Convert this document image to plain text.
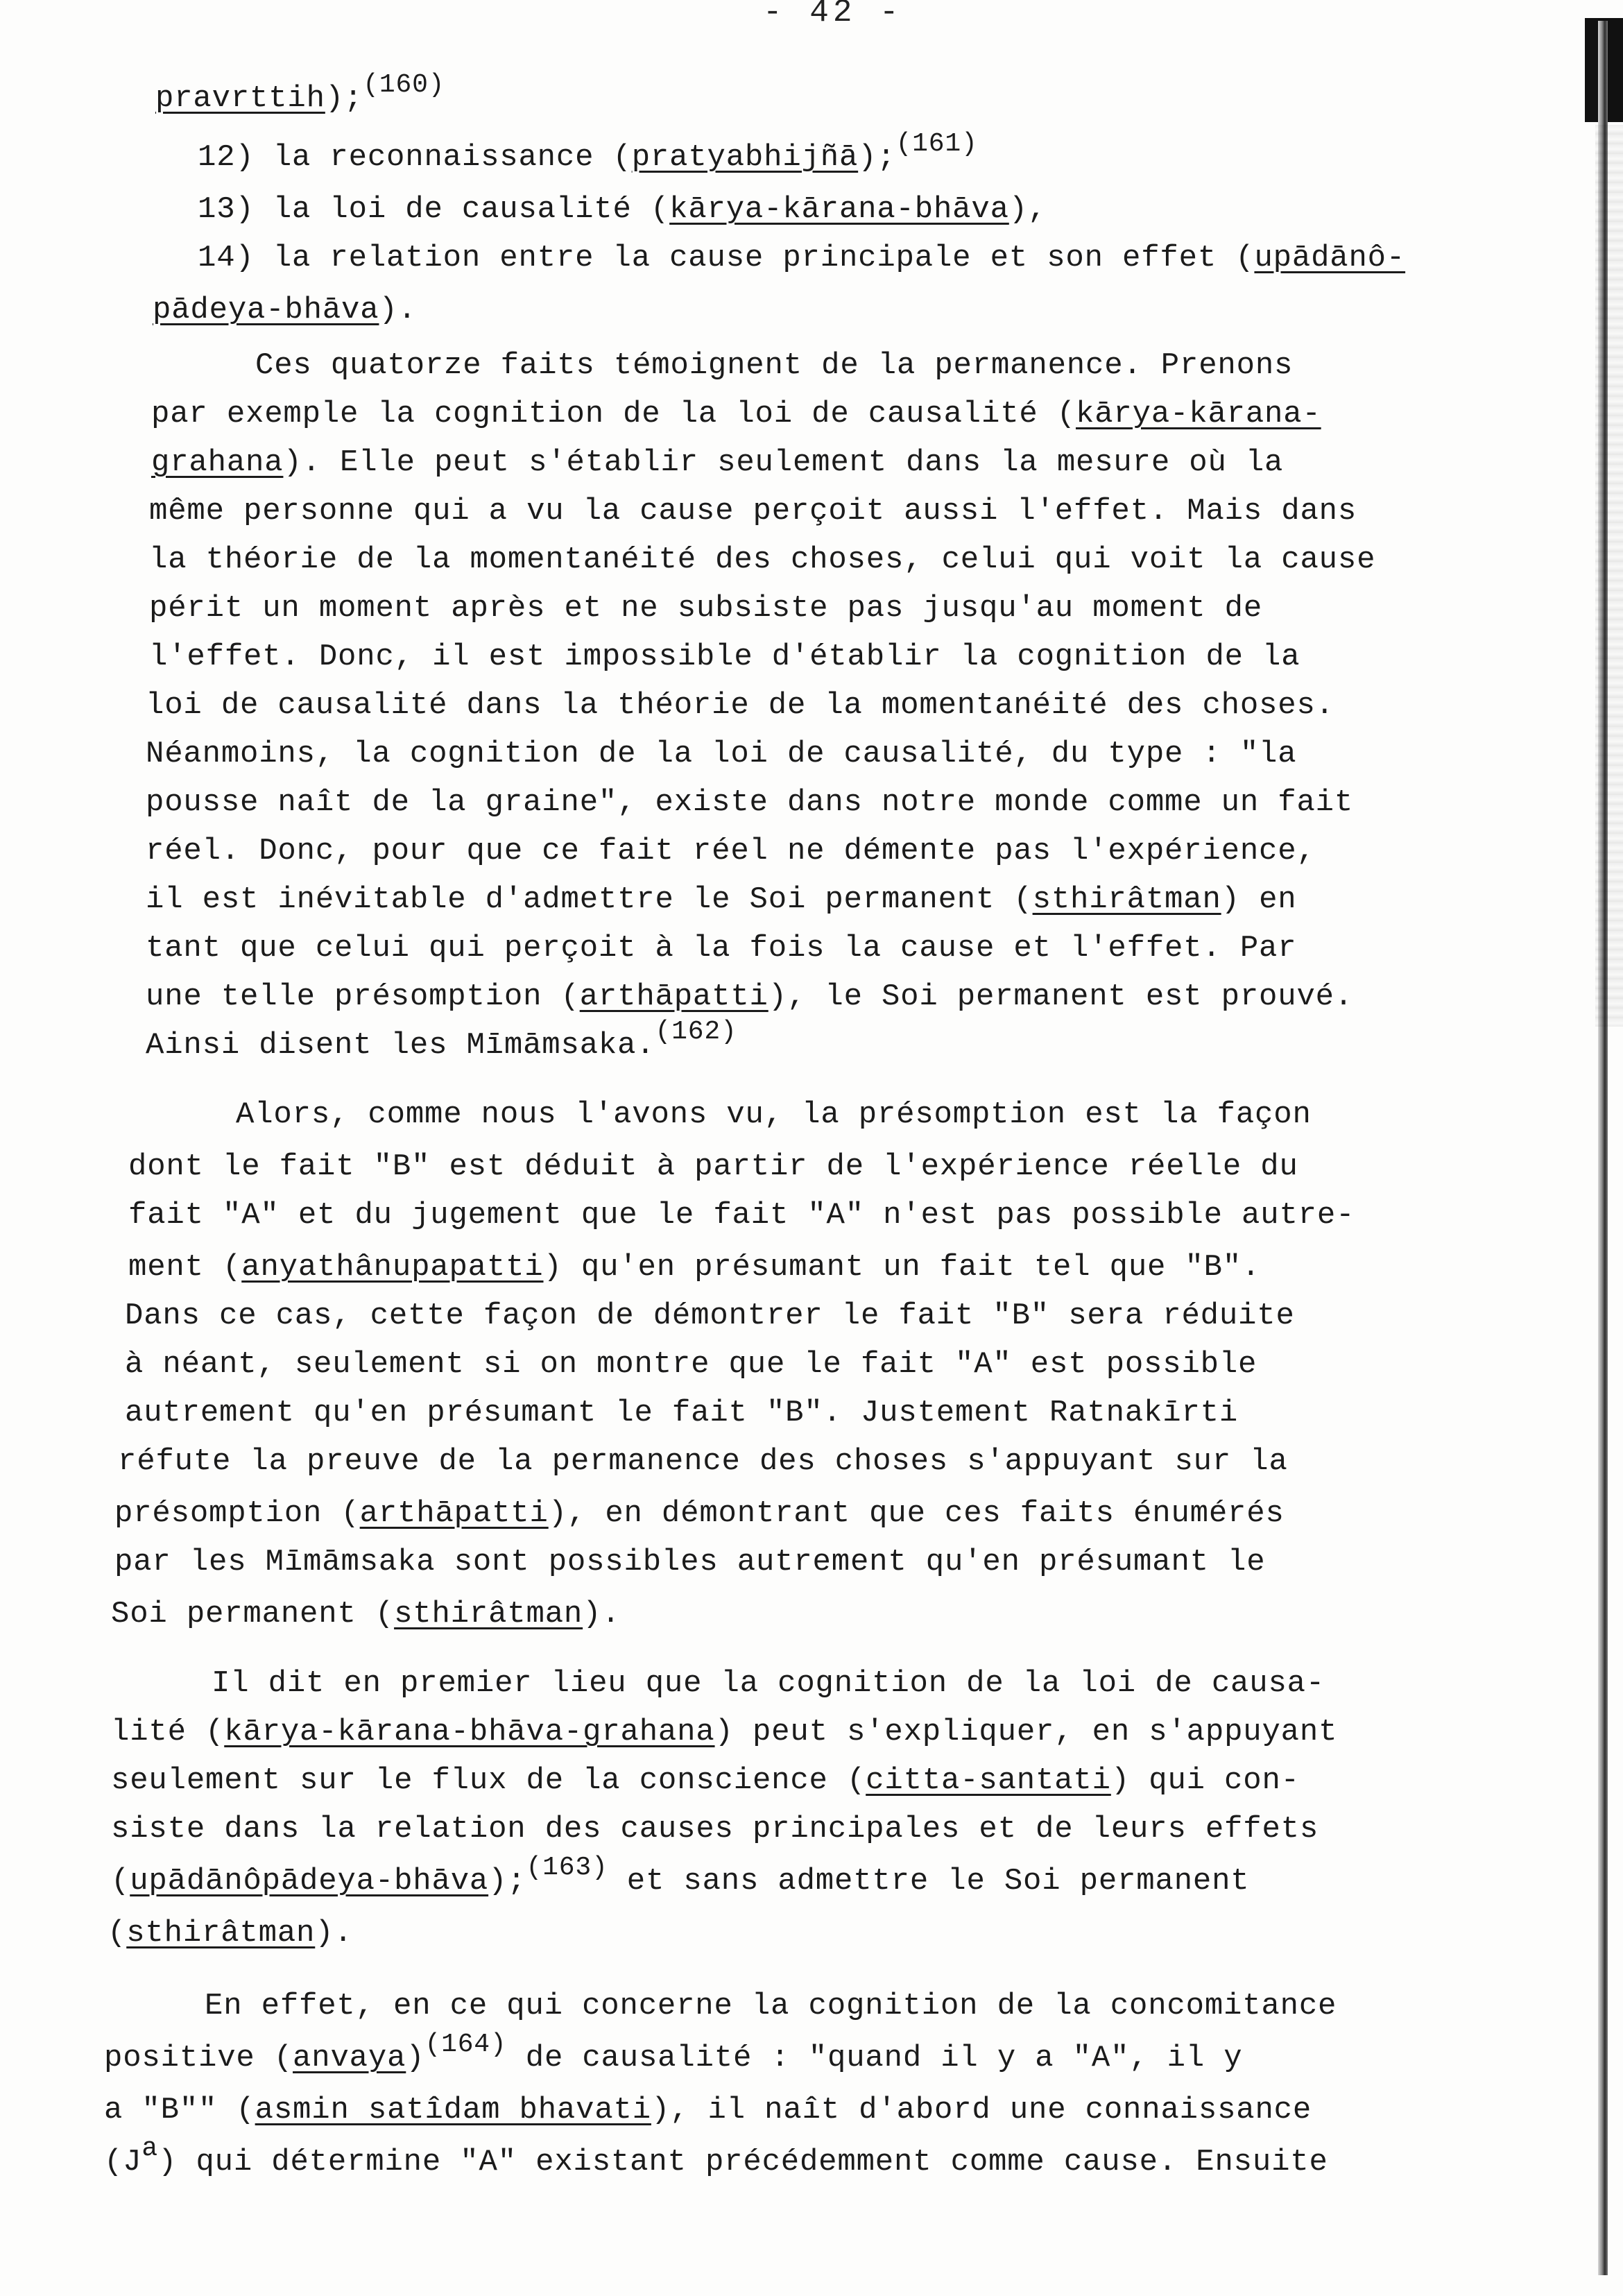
- 42 -
pravrttih);$^{(160)}$
12) la reconnaissance (pratyabhijñā);$^{(161)}$
13) la loi de causalité (kārya-kārana-bhāva),
14) la relation entre la cause principale et son effet (upādānô-
pādeya-bhāva).
Ces quatorze faits témoignent de la permanence. Prenons
par exemple la cognition de la loi de causalité (kārya-kārana-
grahana). Elle peut s'établir seulement dans la mesure où la
même personne qui a vu la cause perçoit aussi l'effet. Mais dans
la théorie de la momentanéité des choses, celui qui voit la cause
périt un moment après et ne subsiste pas jusqu'au moment de
l'effet. Donc, il est impossible d'établir la cognition de la
loi de causalité dans la théorie de la momentanéité des choses.
Néanmoins, la cognition de la loi de causalité, du type : "la
pousse naît de la graine", existe dans notre monde comme un fait
réel. Donc, pour que ce fait réel ne démente pas l'expérience,
il est inévitable d'admettre le Soi permanent (sthirâtman) en
tant que celui qui perçoit à la fois la cause et l'effet. Par
une telle présomption (arthāpatti), le Soi permanent est prouvé.
Ainsi disent les Mīmāmsaka.$^{(162)}$
Alors, comme nous l'avons vu, la présomption est la façon
dont le fait "B" est déduit à partir de l'expérience réelle du
fait "A" et du jugement que le fait "A" n'est pas possible autre-
ment (anyathânupapatti) qu'en présumant un fait tel que "B".
Dans ce cas, cette façon de démontrer le fait "B" sera réduite
à néant, seulement si on montre que le fait "A" est possible
autrement qu'en présumant le fait "B". Justement Ratnakīrti
réfute la preuve de la permanence des choses s'appuyant sur la
présomption (arthāpatti), en démontrant que ces faits énumérés
par les Mīmāmsaka sont possibles autrement qu'en présumant le
Soi permanent (sthirâtman).
Il dit en premier lieu que la cognition de la loi de causa-
lité (kārya-kārana-bhāva-grahana) peut s'expliquer, en s'appuyant
seulement sur le flux de la conscience (citta-santati) qui con-
siste dans la relation des causes principales et de leurs effets
(upādānôpādeya-bhāva);$^{(163)}$ et sans admettre le Soi permanent
(sthirâtman).
En effet, en ce qui concerne la cognition de la concomitance
positive (anvaya)$^{(164)}$ de causalité : "quand il y a "A", il y
a "B"" (asmin satîdam bhavati), il naît d'abord une connaissance
$(J^a)$ qui détermine "A" existant précédemment comme cause. Ensuite
